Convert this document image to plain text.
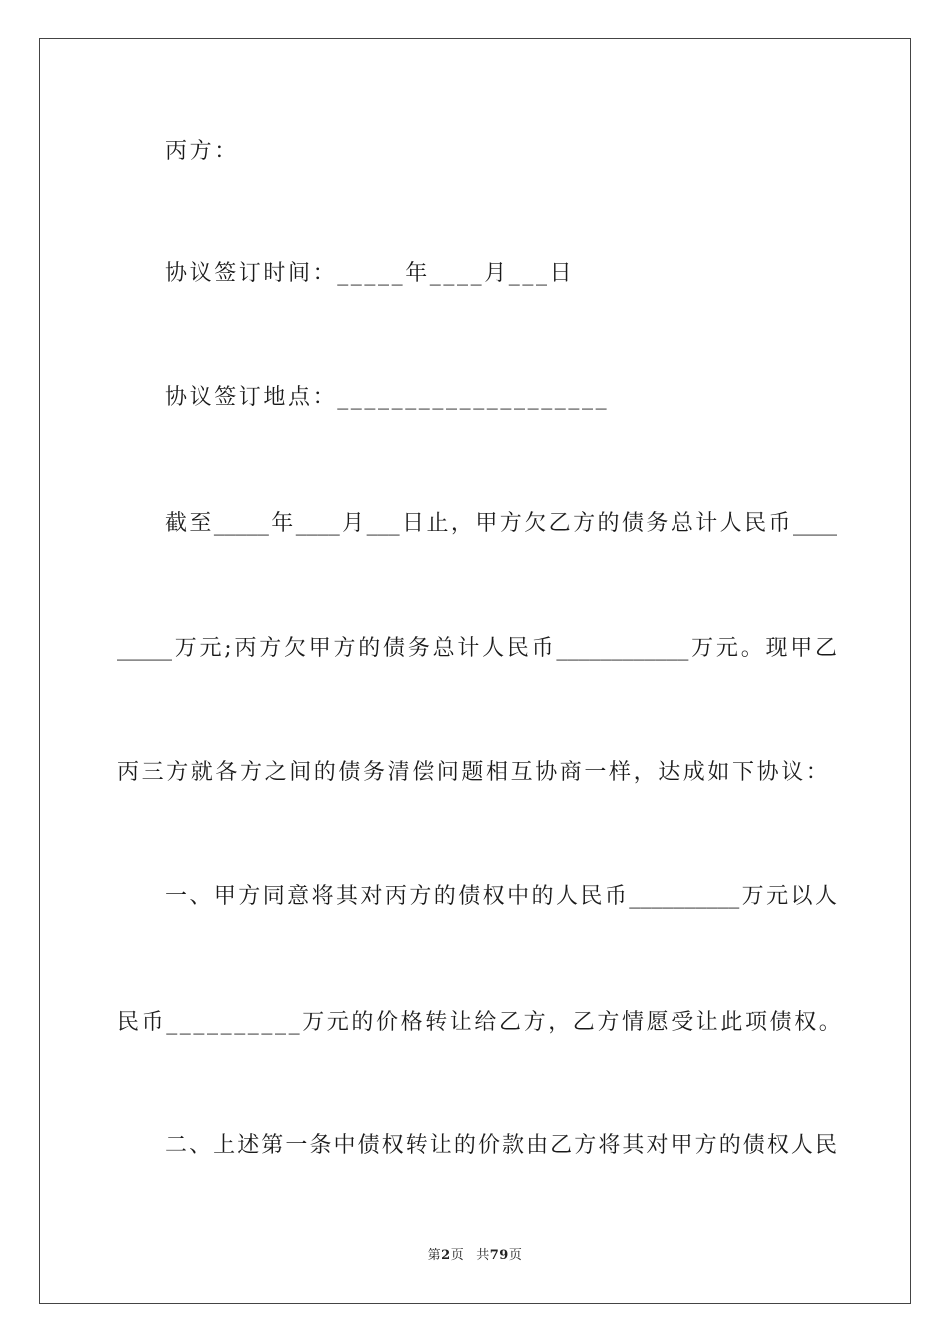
丙方：
协议签订时间：_____年____月___日
协议签订地点：____________________
截至_____年____月___日止，甲方欠乙方的债务总计人民币____
_____万元;丙方欠甲方的债务总计人民币____________万元。现甲乙
丙三方就各方之间的债务清偿问题相互协商一样，达成如下协议：
一、甲方同意将其对丙方的债权中的人民币__________万元以人
民币__________万元的价格转让给乙方，乙方情愿受让此项债权。
二、上述第一条中债权转让的价款由乙方将其对甲方的债权人民
第2页 共79页
